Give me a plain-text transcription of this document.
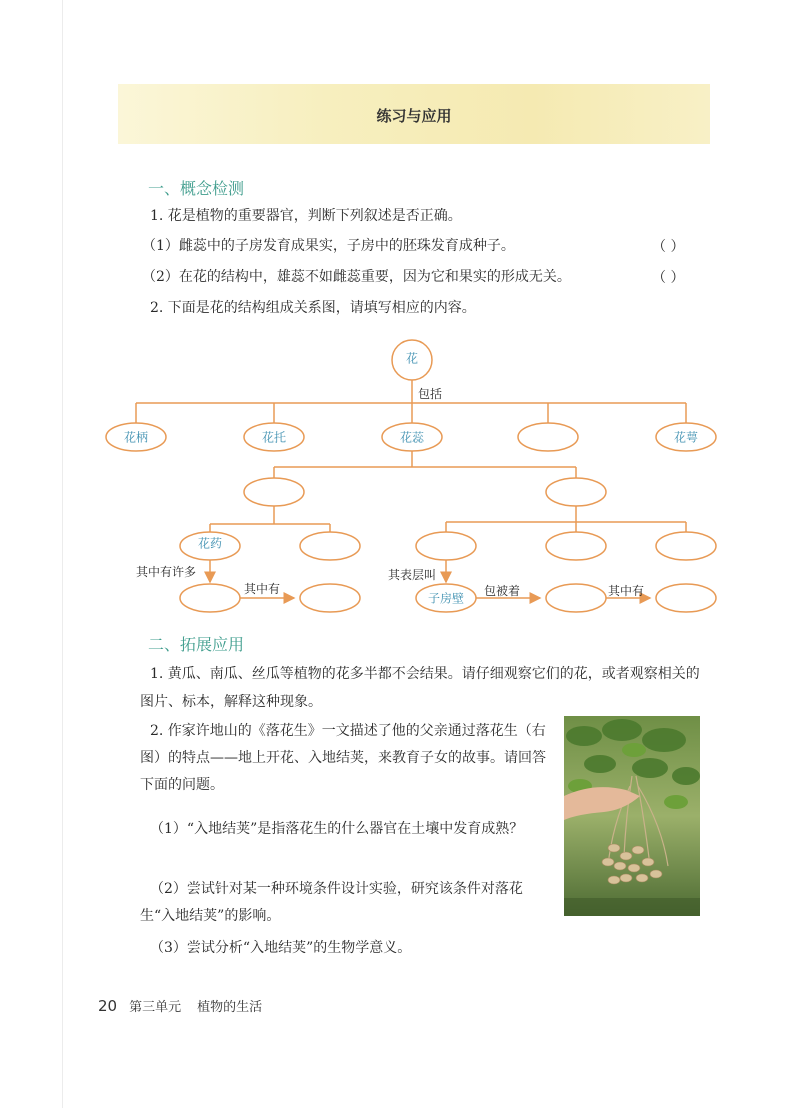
练习与应用
一、概念检测
1. 花是植物的重要器官，判断下列叙述是否正确。
（1）雌蕊中的子房发育成果实，子房中的胚珠发育成种子。	（ ）
（2）在花的结构中，雄蕊不如雌蕊重要，因为它和果实的形成无关。	（ ）
2. 下面是花的结构组成关系图，请填写相应的内容。
花
包括
花柄	花托	花蕊	花萼
花药
子房壁
其中有许多
其中有
其表层叫
包被着	其中有
二、拓展应用
1. 黄瓜、南瓜、丝瓜等植物的花多半都不会结果。请仔细观察它们的花，或者观察相关的图片、标本，解释这种现象。
2. 作家许地山的《落花生》一文描述了他的父亲通过落花生（右图）的特点——地上开花、入地结荚，来教育子女的故事。请回答下面的问题。
（1）“入地结荚”是指落花生的什么器官在土壤中发育成熟？
（2）尝试针对某一种环境条件设计实验，研究该条件对落花生“入地结荚”的影响。
（3）尝试分析“入地结荚”的生物学意义。
20 第三单元 植物的生活
